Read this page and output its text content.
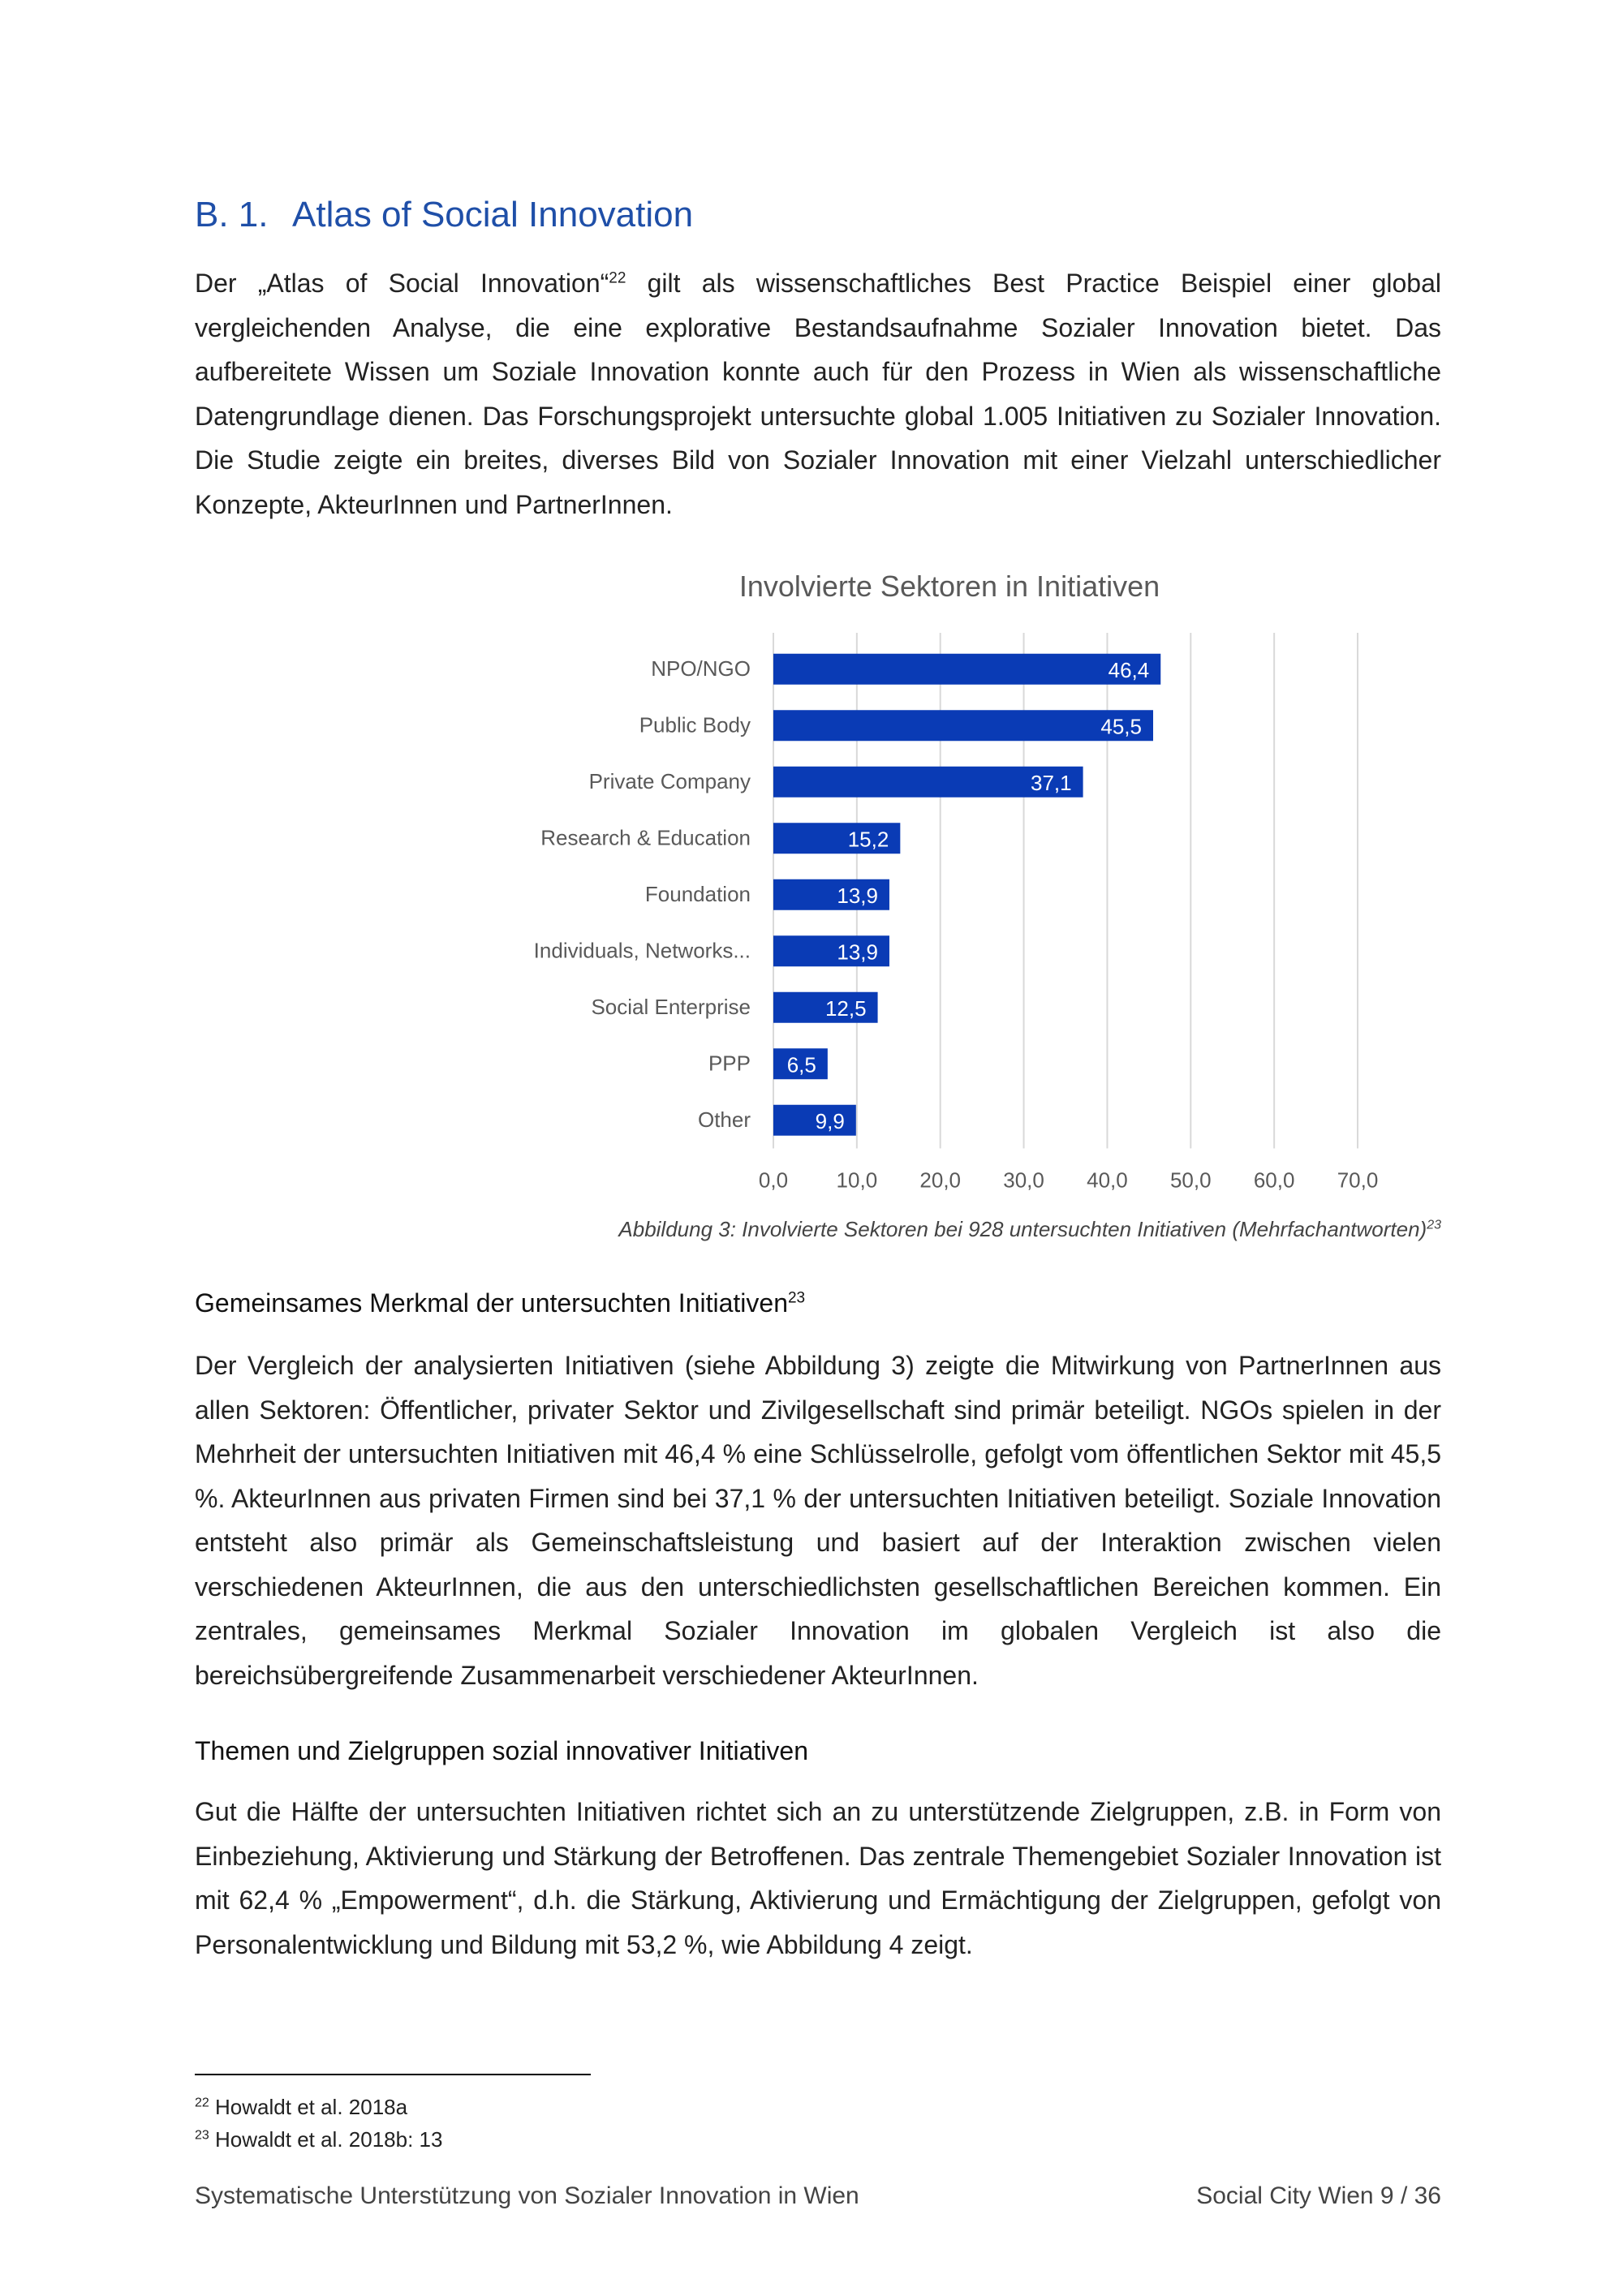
B. 1. Atlas of Social Innovation

Der „Atlas of Social Innovation“$^{22}$ gilt als wissenschaftliches Best Practice Beispiel einer global vergleichenden Analyse, die eine explorative Bestandsaufnahme Sozialer Innovation bietet. Das aufbereitete Wissen um Soziale Innovation konnte auch für den Prozess in Wien als wissenschaftliche Datengrundlage dienen. Das Forschungsprojekt untersuchte global 1.005 Initiativen zu Sozialer Innovation. Die Studie zeigte ein breites, diverses Bild von Sozialer Innovation mit einer Vielzahl unterschiedlicher Konzepte, AkteurInnen und PartnerInnen.

Involvierte Sektoren in Initiativen
46,4
45,5
37,1
15,2
13,9
13,9
12,5
6,5
9,9
NPO/NGO
Public Body
Private Company
Research & Education
Foundation
Individuals, Networks...
Social Enterprise
PPP
Other
0,0 10,0 20,0 30,0 40,0 50,0 60,0 70,0

Abbildung 3: Involvierte Sektoren bei 928 untersuchten Initiativen (Mehrfachantworten)$^{23}$

Gemeinsames Merkmal der untersuchten Initiativen$^{23}$

Der Vergleich der analysierten Initiativen (siehe Abbildung 3) zeigte die Mitwirkung von PartnerInnen aus allen Sektoren: Öffentlicher, privater Sektor und Zivilgesellschaft sind primär beteiligt. NGOs spielen in der Mehrheit der untersuchten Initiativen mit 46,4 % eine Schlüsselrolle, gefolgt vom öffentlichen Sektor mit 45,5 %. AkteurInnen aus privaten Firmen sind bei 37,1 % der untersuchten Initiativen beteiligt. Soziale Innovation entsteht also primär als Gemeinschaftsleistung und basiert auf der Interaktion zwischen vielen verschiedenen AkteurInnen, die aus den unterschiedlichsten gesellschaftlichen Bereichen kommen. Ein zentrales, gemeinsames Merkmal Sozialer Innovation im globalen Vergleich ist also die bereichsübergreifende Zusammenarbeit verschiedener AkteurInnen.

Themen und Zielgruppen sozial innovativer Initiativen

Gut die Hälfte der untersuchten Initiativen richtet sich an zu unterstützende Zielgruppen, z.B. in Form von Einbeziehung, Aktivierung und Stärkung der Betroffenen. Das zentrale Themengebiet Sozialer Innovation ist mit 62,4 % „Empowerment“, d.h. die Stärkung, Aktivierung und Ermächtigung der Zielgruppen, gefolgt von Personalentwicklung und Bildung mit 53,2 %, wie Abbildung 4 zeigt.

$^{22}$ Howaldt et al. 2018a

$^{23}$ Howaldt et al. 2018b: 13

Systematische Unterstützung von Sozialer Innovation in Wien	Social City Wien 9 / 36
